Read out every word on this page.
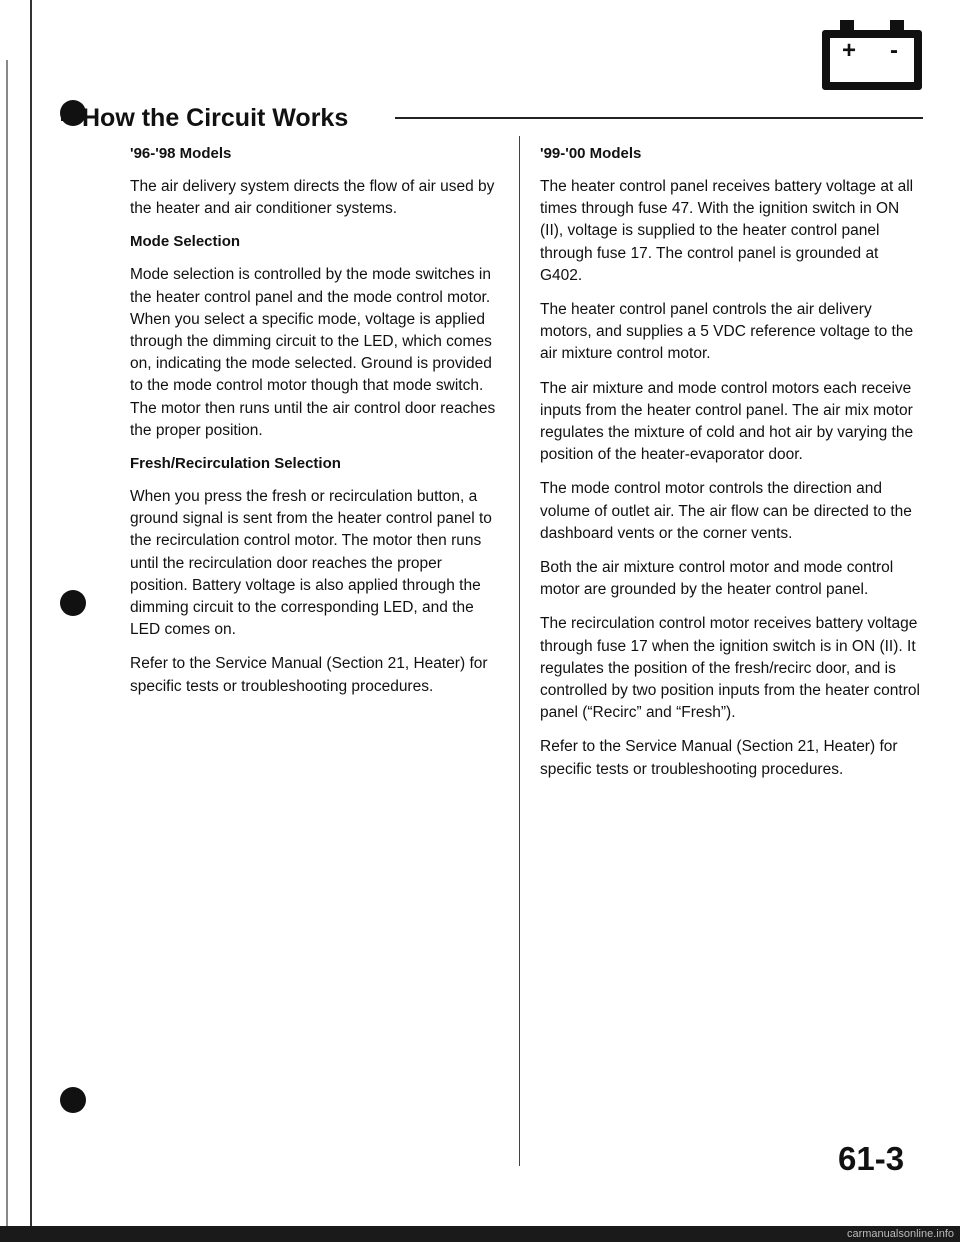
+ -
- How the Circuit Works
'96-'98 Models

The air delivery system directs the flow of air used by the heater and air conditioner systems.

Mode Selection

Mode selection is controlled by the mode switches in the heater control panel and the mode control motor. When you select a specific mode, voltage is applied through the dimming circuit to the LED, which comes on, indicating the mode selected. Ground is provided to the mode control motor though that mode switch. The motor then runs until the air control door reaches the proper position.

Fresh/Recirculation Selection

When you press the fresh or recirculation button, a ground signal is sent from the heater control panel to the recirculation control motor. The motor then runs until the recirculation door reaches the proper position. Battery voltage is also applied through the dimming circuit to the corresponding LED, and the LED comes on.

Refer to the Service Manual (Section 21, Heater) for specific tests or troubleshooting procedures.

'99-'00 Models

The heater control panel receives battery voltage at all times through fuse 47. With the ignition switch in ON (II), voltage is supplied to the heater control panel through fuse 17. The control panel is grounded at G402.

The heater control panel controls the air delivery motors, and supplies a 5 VDC reference voltage to the air mixture control motor.

The air mixture and mode control motors each receive inputs from the heater control panel. The air mix motor regulates the mixture of cold and hot air by varying the position of the heater-evaporator door.

The mode control motor controls the direction and volume of outlet air. The air flow can be directed to the dashboard vents or the corner vents.

Both the air mixture control motor and mode control motor are grounded by the heater control panel.

The recirculation control motor receives battery voltage through fuse 17 when the ignition switch is in ON (II). It regulates the position of the fresh/recirc door, and is controlled by two position inputs from the heater control panel (“Recirc” and “Fresh”).

Refer to the Service Manual (Section 21, Heater) for specific tests or troubleshooting procedures.

61-3
carmanualsonline.info
